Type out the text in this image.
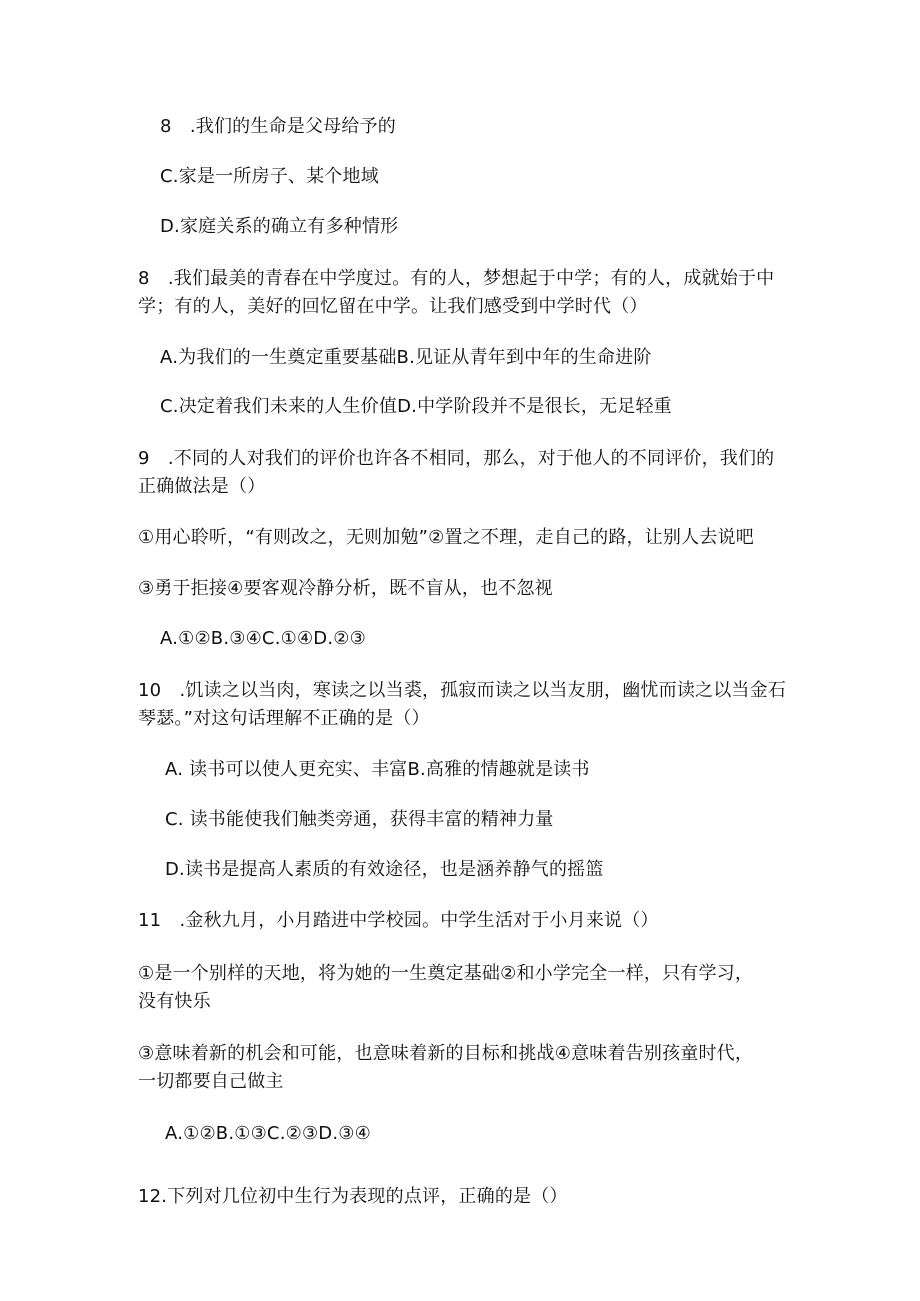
8　.我们的生命是父母给予的
C.家是一所房子、某个地域
D.家庭关系的确立有多种情形
8　.我们最美的青春在中学度过。有的人，梦想起于中学；有的人，成就始于中
学；有的人，美好的回忆留在中学。让我们感受到中学时代（）
A.为我们的一生奠定重要基础B.见证从青年到中年的生命进阶
C.决定着我们未来的人生价值D.中学阶段并不是很长，无足轻重
9　.不同的人对我们的评价也许各不相同，那么，对于他人的不同评价，我们的
正确做法是（）
①用心聆听，“有则改之，无则加勉”②置之不理，走自己的路，让别人去说吧
③勇于拒接④要客观冷静分析，既不盲从，也不忽视
A.①②B.③④C.①④D.②③
10　.饥读之以当肉，寒读之以当裘，孤寂而读之以当友朋，幽忧而读之以当金石
琴瑟。”对这句话理解不正确的是（）
A. 读书可以使人更充实、丰富B.高雅的情趣就是读书
C. 读书能使我们触类旁通，获得丰富的精神力量
D.读书是提高人素质的有效途径，也是涵养静气的摇篮
11　.金秋九月，小月踏进中学校园。中学生活对于小月来说（）
①是一个别样的天地，将为她的一生奠定基础②和小学完全一样，只有学习，
没有快乐
③意味着新的机会和可能，也意味着新的目标和挑战④意味着告别孩童时代，
一切都要自己做主
A.①②B.①③C.②③D.③④
12.下列对几位初中生行为表现的点评，正确的是（）
